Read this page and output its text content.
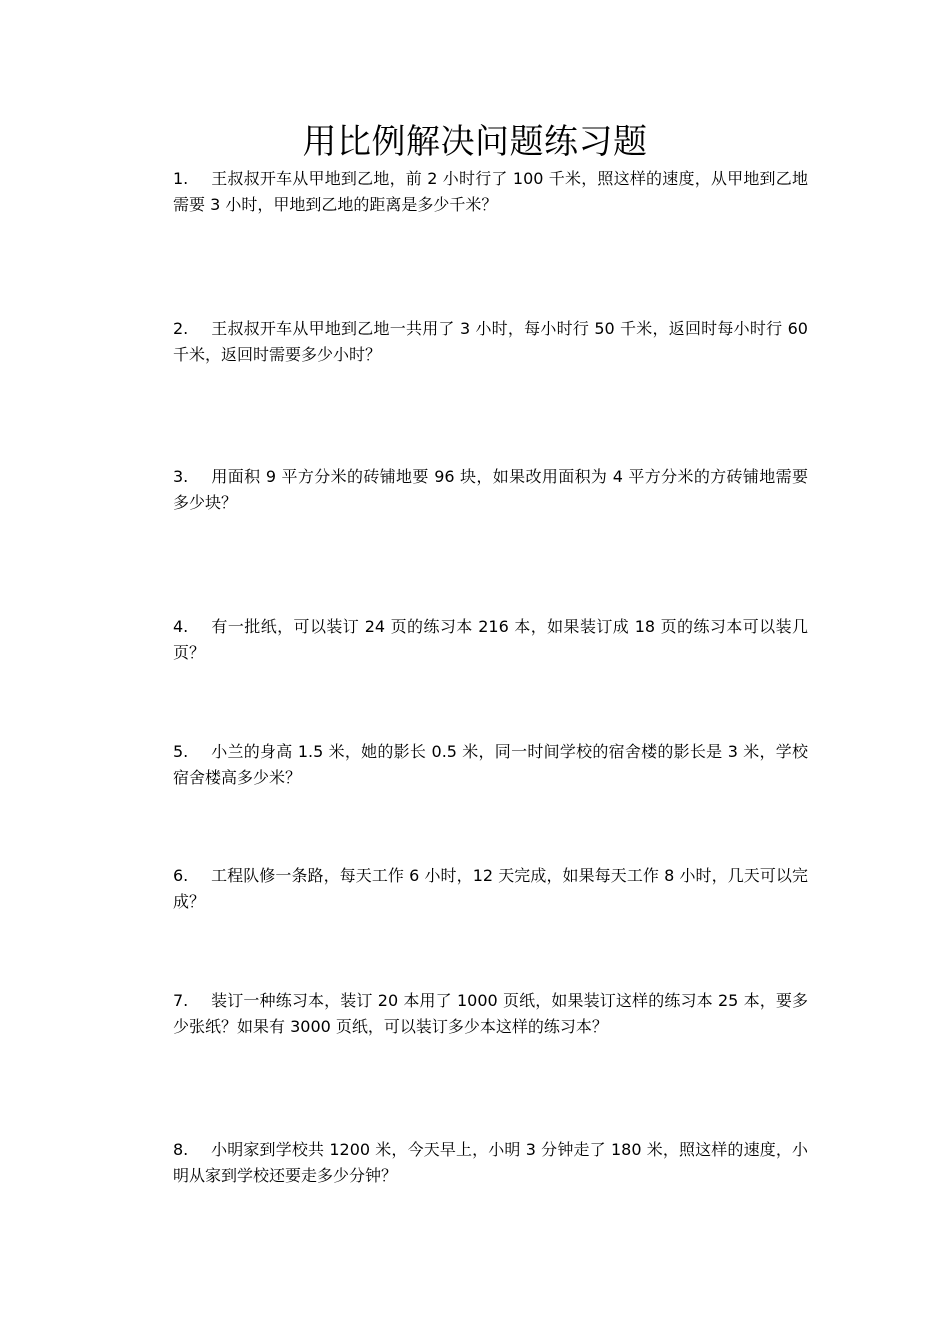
用比例解决问题练习题

1. 王叔叔开车从甲地到乙地，前 2 小时行了 100 千米，照这样的速度，从甲地到乙地需要 3 小时，甲地到乙地的距离是多少千米？

2. 王叔叔开车从甲地到乙地一共用了 3 小时，每小时行 50 千米，返回时每小时行 60 千米，返回时需要多少小时？

3. 用面积 9 平方分米的砖铺地要 96 块，如果改用面积为 4 平方分米的方砖铺地需要多少块？

4. 有一批纸，可以装订 24 页的练习本 216 本，如果装订成 18 页的练习本可以装几页？

5. 小兰的身高 1.5 米，她的影长 0.5 米，同一时间学校的宿舍楼的影长是 3 米，学校宿舍楼高多少米？

6. 工程队修一条路，每天工作 6 小时，12 天完成，如果每天工作 8 小时，几天可以完成？

7. 装订一种练习本，装订 20 本用了 1000 页纸，如果装订这样的练习本 25 本，要多少张纸？如果有 3000 页纸，可以装订多少本这样的练习本？

8. 小明家到学校共 1200 米，今天早上，小明 3 分钟走了 180 米，照这样的速度，小明从家到学校还要走多少分钟？
